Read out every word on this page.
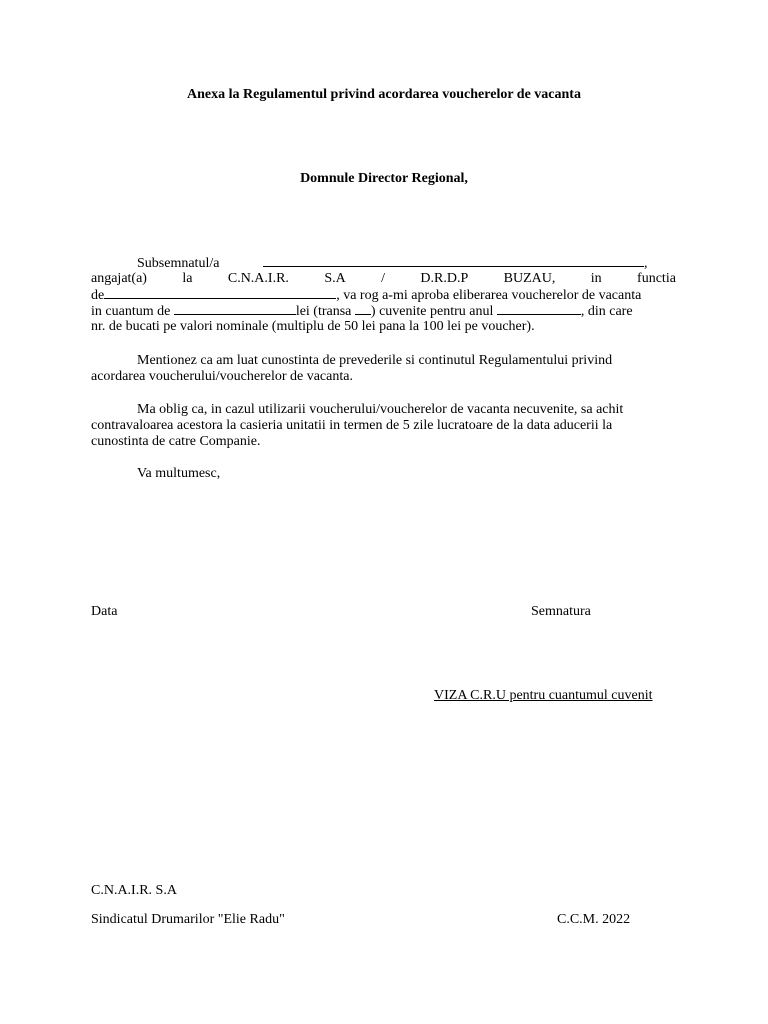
Anexa la Regulamentul privind acordarea voucherelor de vacanta
Domnule Director Regional,
Subsemnatul/a	,
angajat(a)	la	C.N.A.I.R.	S.A	/	D.R.D.P	BUZAU,	in	functia
de	, va rog a-mi aproba eliberarea voucherelor de vacanta
in cuantum de	lei (transa ) cuvenite pentru anul	, din care
nr. de bucati pe valori nominale (multiplu de 50 lei pana la 100 lei pe voucher).
Mentionez ca am luat cunostinta de prevederile si continutul Regulamentului privind
acordarea voucherului/voucherelor de vacanta.
Ma oblig ca, in cazul utilizarii voucherului/voucherelor de vacanta necuvenite, sa achit
contravaloarea acestora la casieria unitatii in termen de 5 zile lucratoare de la data aducerii la
cunostinta de catre Companie.
Va multumesc,
Data	Semnatura
VIZA C.R.U pentru cuantumul cuvenit
C.N.A.I.R. S.A
Sindicatul Drumarilor "Elie Radu"	C.C.M. 2022
